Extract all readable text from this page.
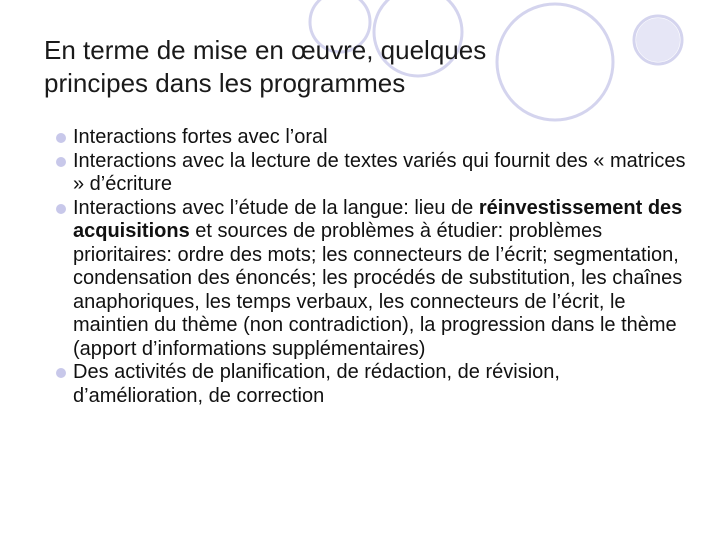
En terme de mise en œuvre, quelques
principes dans les programmes
Interactions fortes avec l’oral
Interactions avec la lecture de textes variés qui fournit des « matrices » d’écriture
Interactions avec l’étude de la langue: lieu de réinvestissement des acquisitions et sources de problèmes à étudier: problèmes prioritaires: ordre des mots; les connecteurs de l’écrit; segmentation, condensation des énoncés; les procédés de substitution, les chaînes anaphoriques, les temps verbaux, les connecteurs de l’écrit, le maintien du thème (non contradiction), la progression dans le thème (apport d’informations supplémentaires)
Des activités de planification, de rédaction, de révision, d’amélioration, de correction
